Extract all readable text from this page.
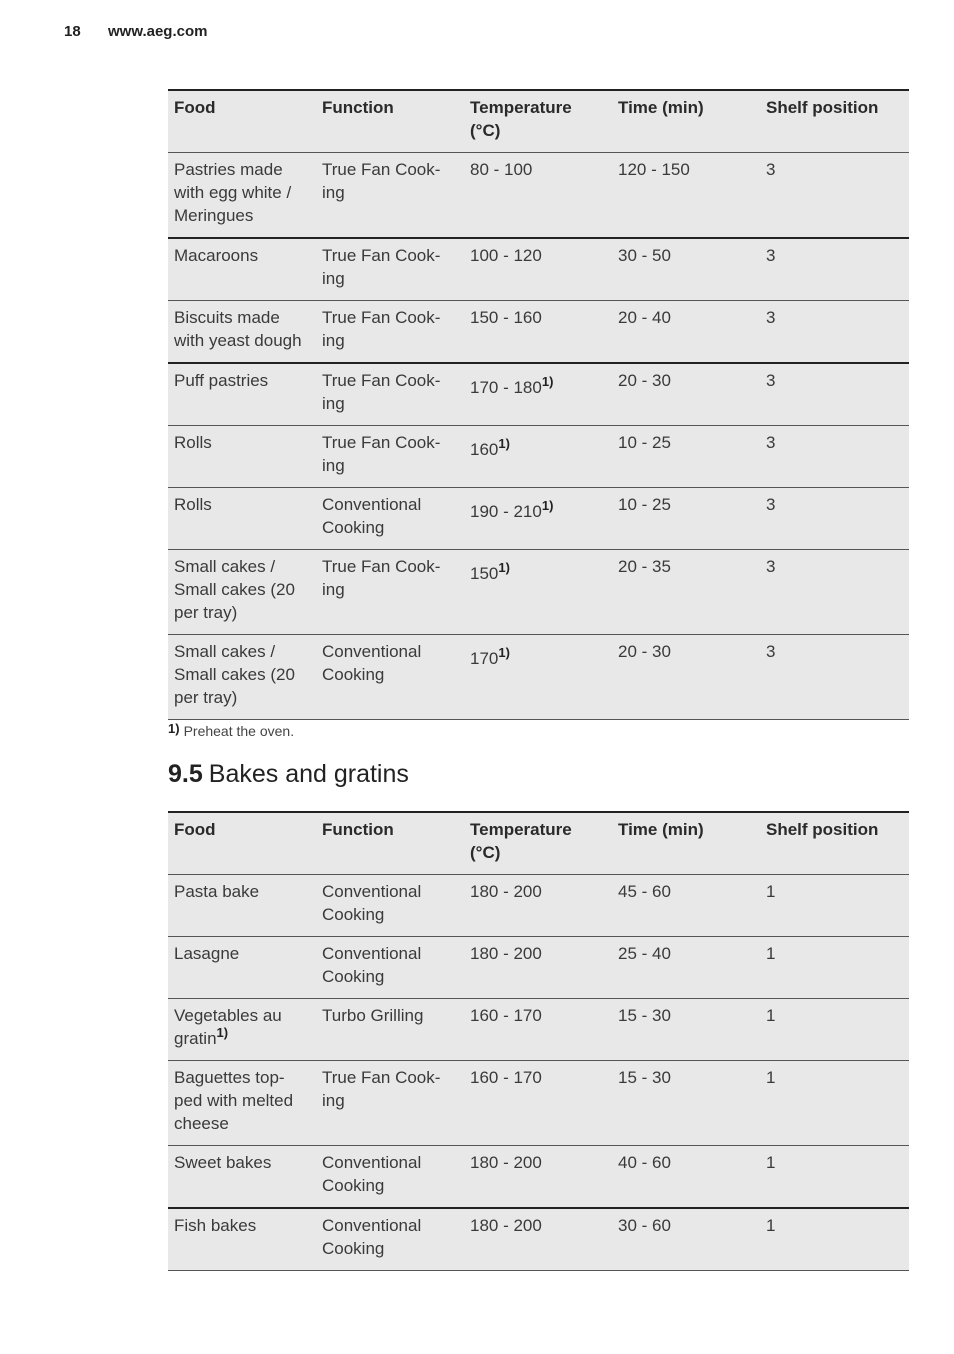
18 www.aeg.com
Food	Function	Temperature (°C)	Time (min)	Shelf position
Pastries made with egg white / Meringues	True Fan Cook-ing	80 - 100	120 - 150	3
Macaroons	True Fan Cook-ing	100 - 120	30 - 50	3
Biscuits made with yeast dough	True Fan Cook-ing	150 - 160	20 - 40	3
Puff pastries	True Fan Cook-ing	170 - 180$^{1)}$	20 - 30	3
Rolls	True Fan Cook-ing	160$^{1)}$	10 - 25	3
Rolls	Conventional Cooking	190 - 210$^{1)}$	10 - 25	3
Small cakes / Small cakes (20 per tray)	True Fan Cook-ing	150$^{1)}$	20 - 35	3
Small cakes / Small cakes (20 per tray)	Conventional Cooking	170$^{1)}$	20 - 30	3
1) Preheat the oven.
9.5 Bakes and gratins
Food	Function	Temperature (°C)	Time (min)	Shelf position
Pasta bake	Conventional Cooking	180 - 200	45 - 60	1
Lasagne	Conventional Cooking	180 - 200	25 - 40	1
Vegetables au gratin$^{1)}$	Turbo Grilling	160 - 170	15 - 30	1
Baguettes top-ped with melted cheese	True Fan Cook-ing	160 - 170	15 - 30	1
Sweet bakes	Conventional Cooking	180 - 200	40 - 60	1
Fish bakes	Conventional Cooking	180 - 200	30 - 60	1
